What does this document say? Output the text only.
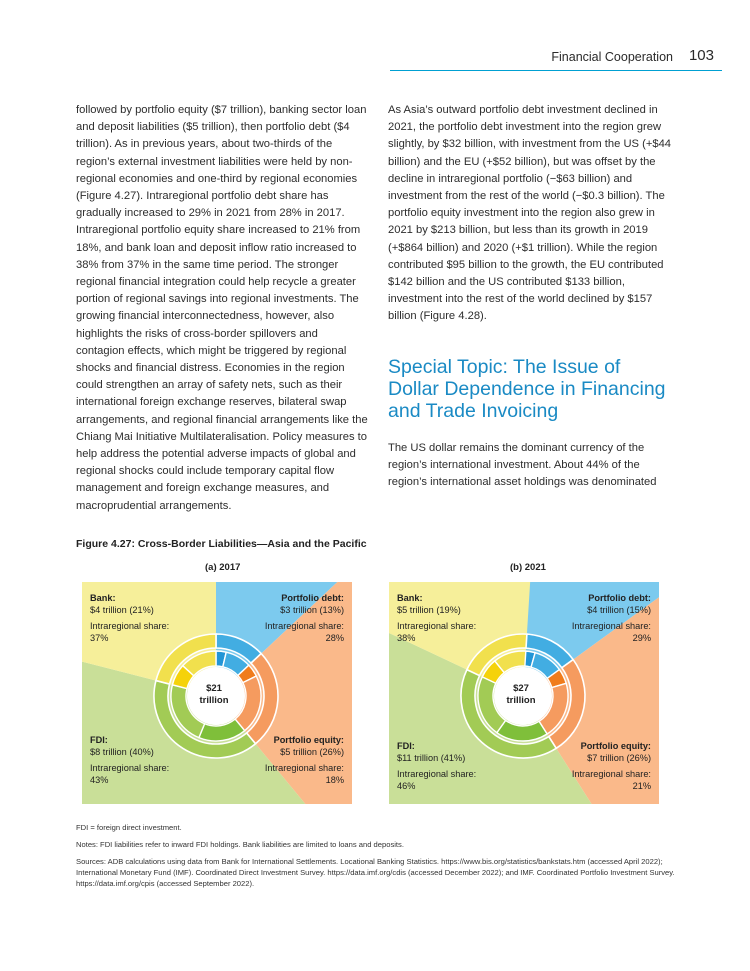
Financial Cooperation 103

followed by portfolio equity ($7 trillion), banking sector loan and deposit liabilities ($5 trillion), then portfolio debt ($4 trillion). As in previous years, about two-thirds of the region’s external investment liabilities were held by non-regional economies and one-third by regional economies (Figure 4.27). Intraregional portfolio debt share has gradually increased to 29% in 2021 from 28% in 2017. Intraregional portfolio equity share increased to 21% from 18%, and bank loan and deposit inflow ratio increased to 38% from 37% in the same time period. The stronger regional financial integration could help recycle a greater portion of regional savings into regional investments. The growing financial interconnectedness, however, also highlights the risks of cross-border spillovers and contagion effects, which might be triggered by regional shocks and financial distress. Economies in the region could strengthen an array of safety nets, such as their international foreign exchange reserves, bilateral swap arrangements, and regional financial arrangements like the Chiang Mai Initiative Multilateralisation. Policy measures to help address the potential adverse impacts of global and regional shocks could include temporary capital flow management and foreign exchange measures, and macroprudential arrangements.

As Asia’s outward portfolio debt investment declined in 2021, the portfolio debt investment into the region grew slightly, by $32 billion, with investment from the US (+$44 billion) and the EU (+$52 billion), but was offset by the decline in intraregional portfolio (−$63 billion) and investment from the rest of the world (−$0.3 billion). The portfolio equity investment into the region also grew in 2021 by $213 billion, but less than its growth in 2019 (+$864 billion) and 2020 (+$1 trillion). While the region contributed $95 billion to the growth, the EU contributed $142 billion and the US contributed $133 billion, investment into the rest of the world declined by $157 billion (Figure 4.28).

Special Topic: The Issue of Dollar Dependence in Financing and Trade Invoicing

The US dollar remains the dominant currency of the region’s international investment. About 44% of the region’s international asset holdings was denominated

Figure 4.27: Cross-Border Liabilities—Asia and the Pacific
(a) 2017	(b) 2021
Bank:
$4 trillion (21%)
Intraregional share:
37%
Portfolio debt:
$3 trillion (13%)
Intraregional share:
28%
FDI:
$8 trillion (40%)
Intraregional share:
43%
Portfolio equity:
$5 trillion (26%)
Intraregional share:
18%
$21
trillion
Bank:
$5 trillion (19%)
Intraregional share:
38%
Portfolio debt:
$4 trillion (15%)
Intraregional share:
29%
FDI:
$11 trillion (41%)
Intraregional share:
46%
Portfolio equity:
$7 trillion (26%)
Intraregional share:
21%
$27
trillion

FDI = foreign direct investment.

Notes: FDI liabilities refer to inward FDI holdings. Bank liabilities are limited to loans and deposits.

Sources: ADB calculations using data from Bank for International Settlements. Locational Banking Statistics. https://www.bis.org/statistics/bankstats.htm (accessed April 2022); International Monetary Fund (IMF). Coordinated Direct Investment Survey. https://data.imf.org/cdis (accessed December 2022); and IMF. Coordinated Portfolio Investment Survey. https://data.imf.org/cpis (accessed September 2022).
